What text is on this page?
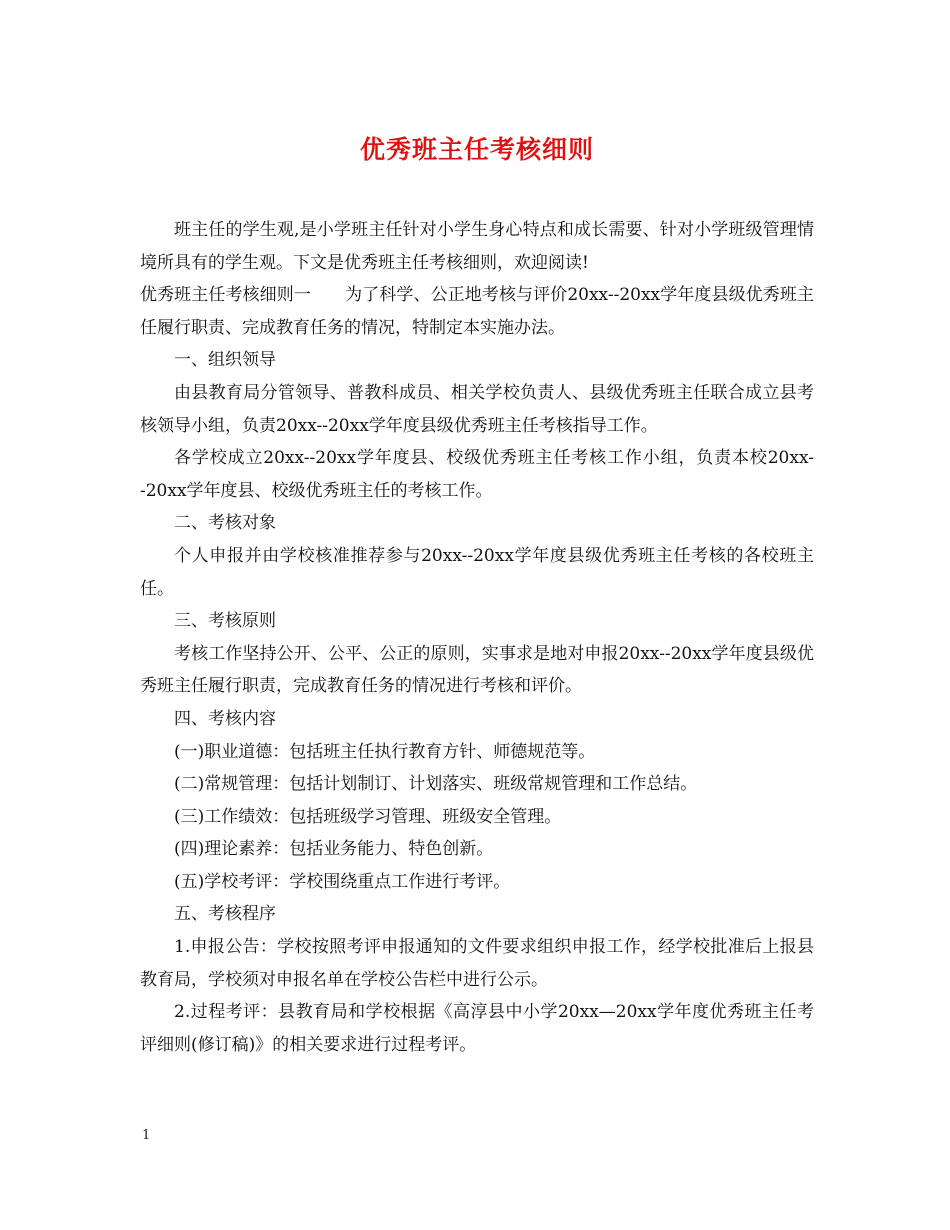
优秀班主任考核细则

班主任的学生观,是小学班主任针对小学生身心特点和成长需要、针对小学班级管理情境所具有的学生观。下文是优秀班主任考核细则，欢迎阅读!

优秀班主任考核细则一　　为了科学、公正地考核与评价20xx--20xx学年度县级优秀班主任履行职责、完成教育任务的情况，特制定本实施办法。

一、组织领导

由县教育局分管领导、普教科成员、相关学校负责人、县级优秀班主任联合成立县考核领导小组，负责20xx--20xx学年度县级优秀班主任考核指导工作。

各学校成立20xx--20xx学年度县、校级优秀班主任考核工作小组，负责本校20xx--20xx学年度县、校级优秀班主任的考核工作。

二、考核对象

个人申报并由学校核准推荐参与20xx--20xx学年度县级优秀班主任考核的各校班主任。

三、考核原则

考核工作坚持公开、公平、公正的原则，实事求是地对申报20xx--20xx学年度县级优秀班主任履行职责，完成教育任务的情况进行考核和评价。

四、考核内容

(一)职业道德：包括班主任执行教育方针、师德规范等。

(二)常规管理：包括计划制订、计划落实、班级常规管理和工作总结。

(三)工作绩效：包括班级学习管理、班级安全管理。

(四)理论素养：包括业务能力、特色创新。

(五)学校考评：学校围绕重点工作进行考评。

五、考核程序

1.申报公告：学校按照考评申报通知的文件要求组织申报工作，经学校批准后上报县教育局，学校须对申报名单在学校公告栏中进行公示。

2.过程考评：县教育局和学校根据《高淳县中小学20xx—20xx学年度优秀班主任考评细则(修订稿)》的相关要求进行过程考评。

1
